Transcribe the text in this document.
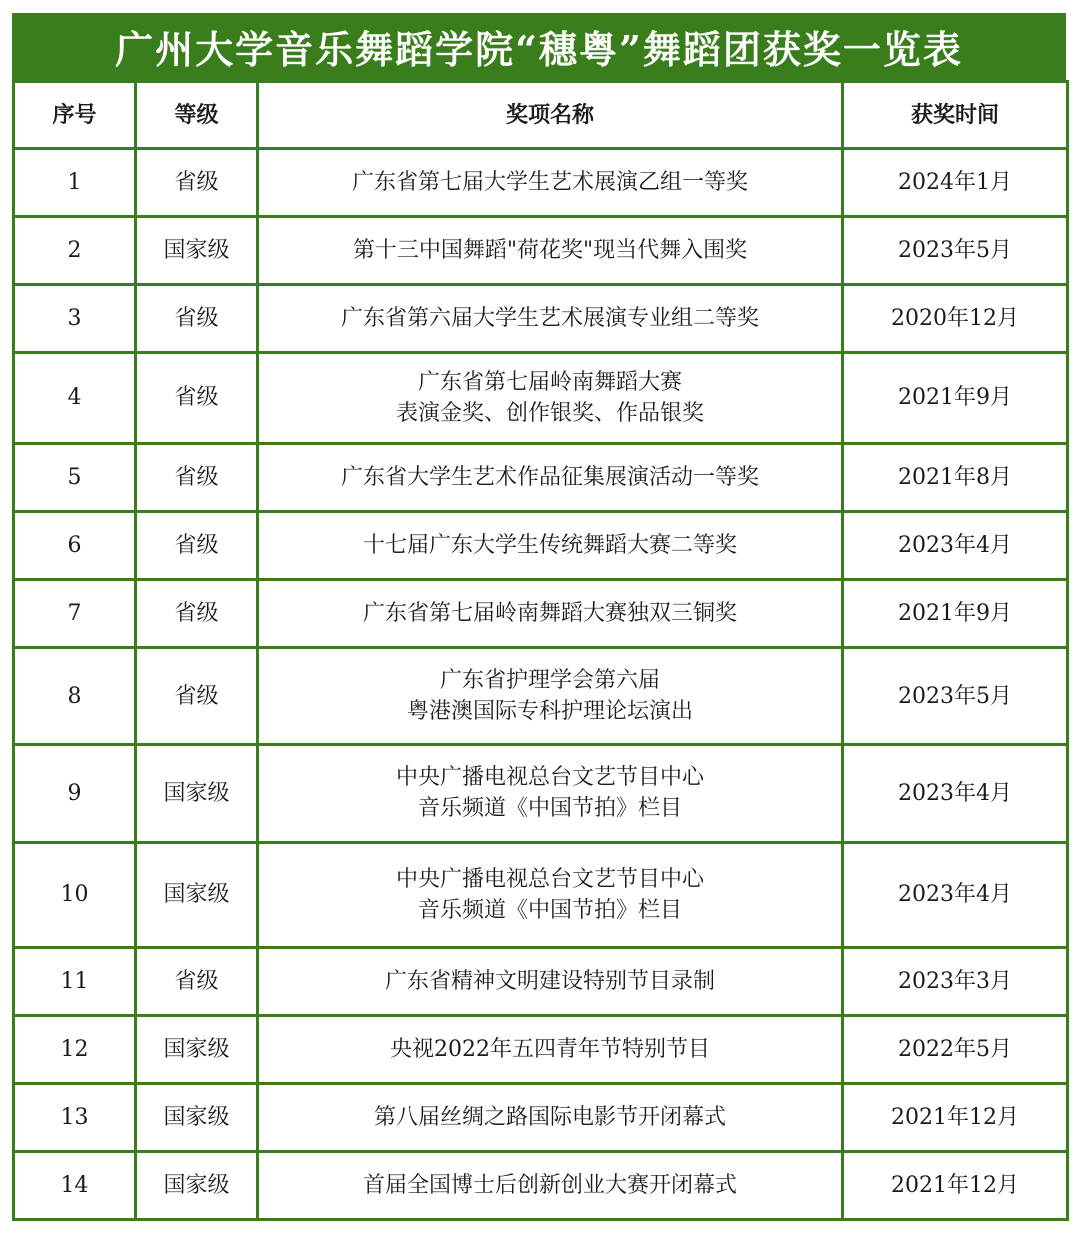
广州大学音乐舞蹈学院“穗粤”舞蹈团获奖一览表
序号	等级	奖项名称	获奖时间
1	省级	广东省第七届大学生艺术展演乙组一等奖	2024年1月
2	国家级	第十三中国舞蹈"荷花奖"现当代舞入围奖	2023年5月
3	省级	广东省第六届大学生艺术展演专业组二等奖	2020年12月
4	省级	广东省第七届岭南舞蹈大赛
表演金奖、创作银奖、作品银奖	2021年9月
5	省级	广东省大学生艺术作品征集展演活动一等奖	2021年8月
6	省级	十七届广东大学生传统舞蹈大赛二等奖	2023年4月
7	省级	广东省第七届岭南舞蹈大赛独双三铜奖	2021年9月
8	省级	广东省护理学会第六届
粤港澳国际专科护理论坛演出	2023年5月
9	国家级	中央广播电视总台文艺节目中心
音乐频道《中国节拍》栏目	2023年4月
10	国家级	中央广播电视总台文艺节目中心
音乐频道《中国节拍》栏目	2023年4月
11	省级	广东省精神文明建设特别节目录制	2023年3月
12	国家级	央视2022年五四青年节特别节目	2022年5月
13	国家级	第八届丝绸之路国际电影节开闭幕式	2021年12月
14	国家级	首届全国博士后创新创业大赛开闭幕式	2021年12月
